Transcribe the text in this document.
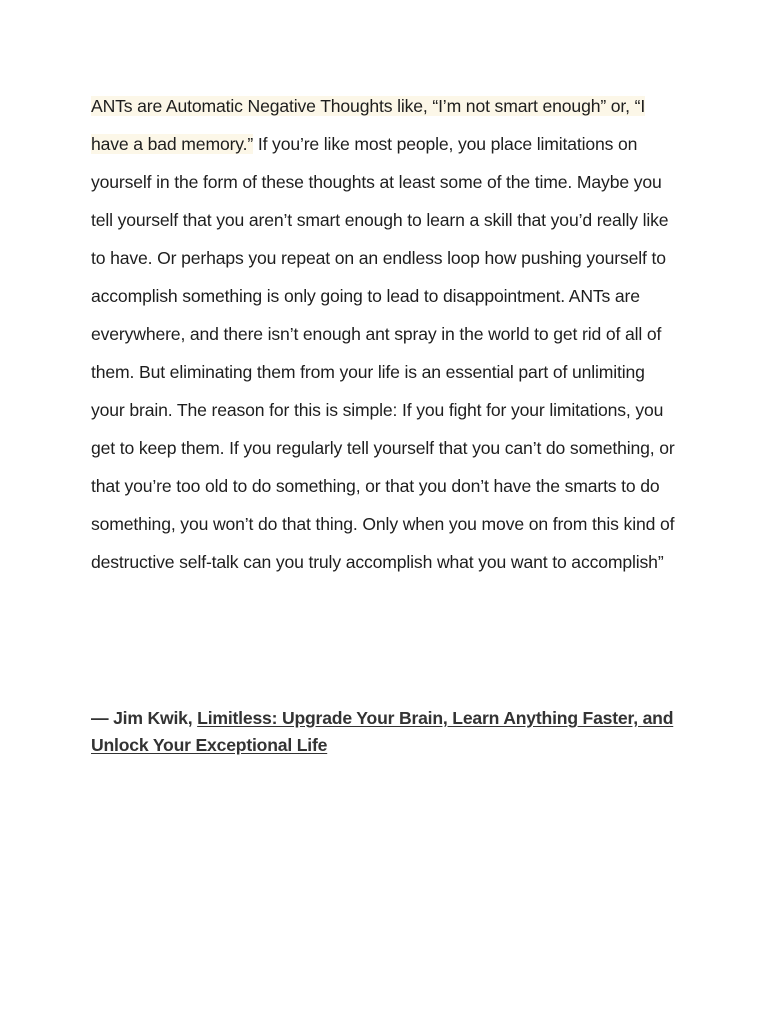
ANTs are Automatic Negative Thoughts like, “I’m not smart enough” or, “I have a bad memory.” If you’re like most people, you place limitations on yourself in the form of these thoughts at least some of the time. Maybe you tell yourself that you aren’t smart enough to learn a skill that you’d really like to have. Or perhaps you repeat on an endless loop how pushing yourself to accomplish something is only going to lead to disappointment. ANTs are everywhere, and there isn’t enough ant spray in the world to get rid of all of them. But eliminating them from your life is an essential part of unlimiting your brain. The reason for this is simple: If you fight for your limitations, you get to keep them. If you regularly tell yourself that you can’t do something, or that you’re too old to do something, or that you don’t have the smarts to do something, you won’t do that thing. Only when you move on from this kind of destructive self-talk can you truly accomplish what you want to accomplish”

― Jim Kwik, Limitless: Upgrade Your Brain, Learn Anything Faster, and Unlock Your Exceptional Life
